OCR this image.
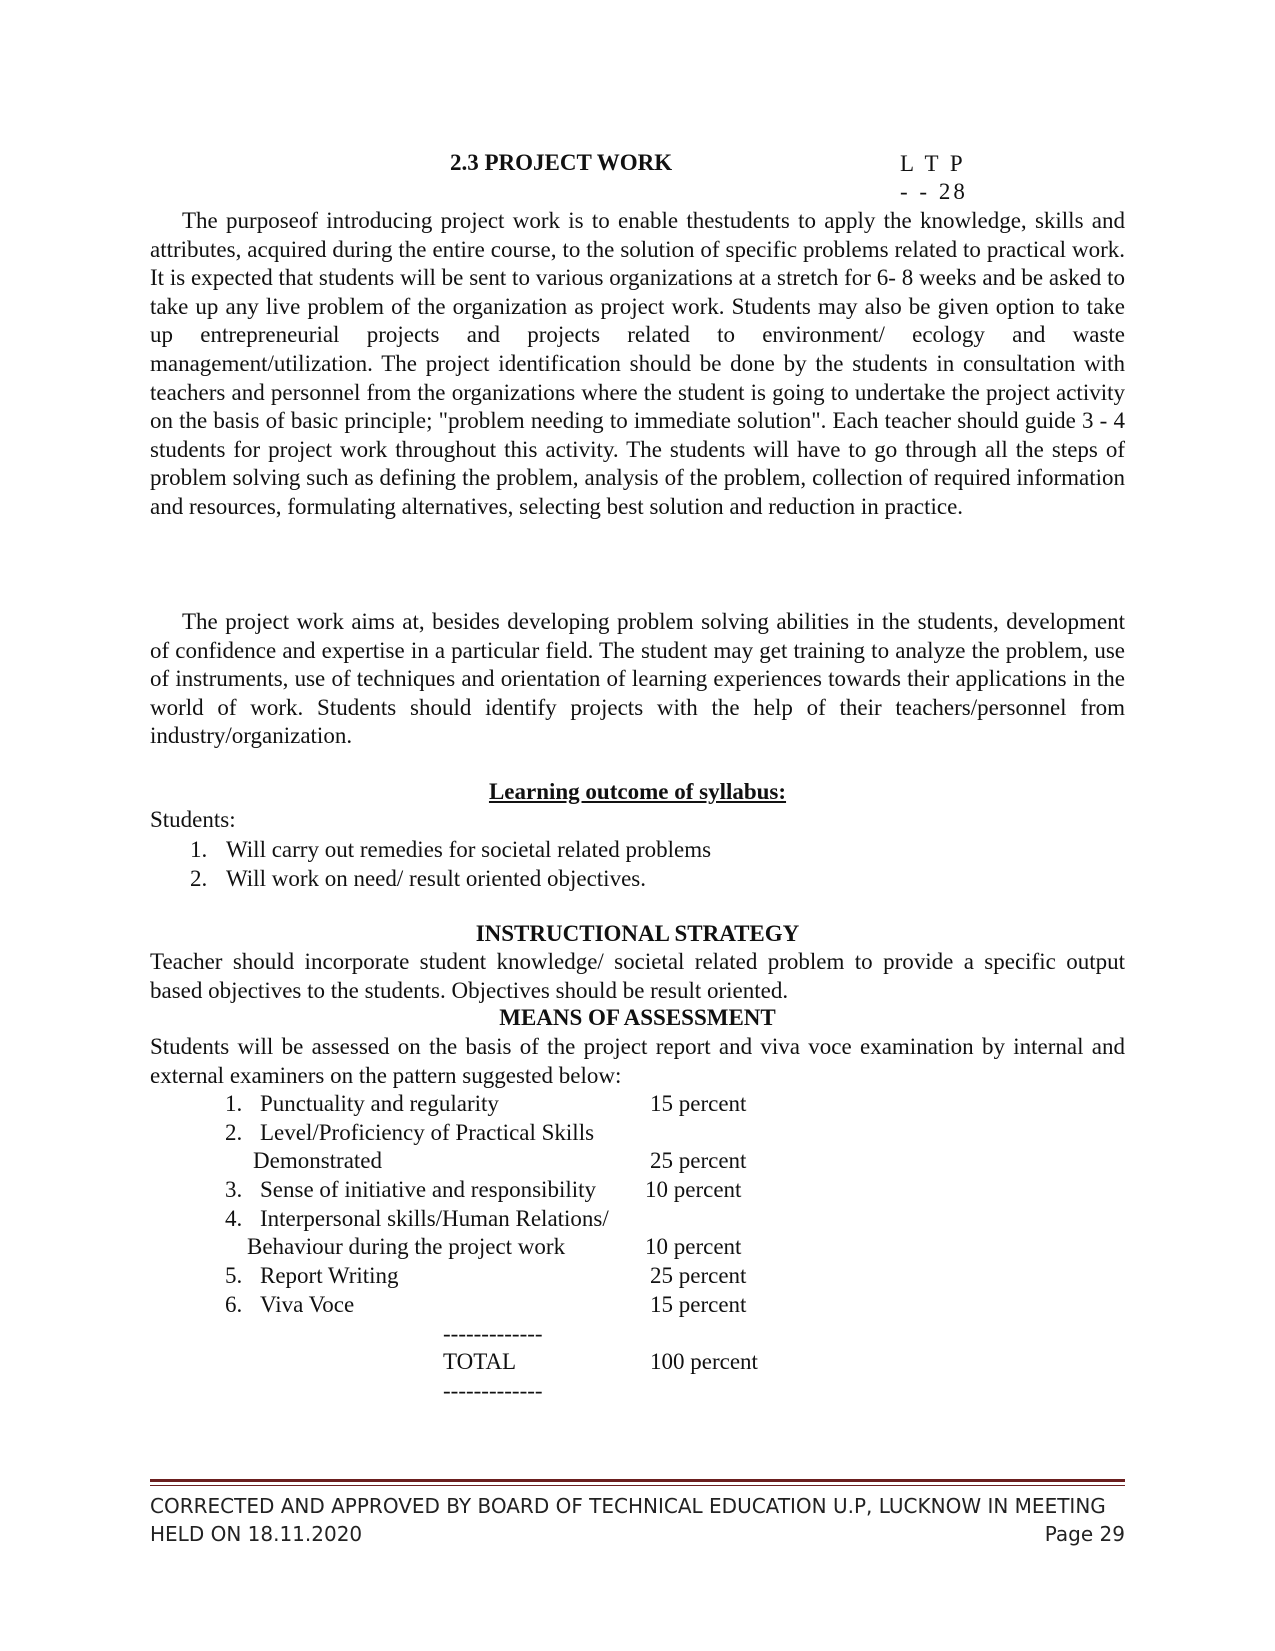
2.3 PROJECT WORK	L T P
- - 28

The purposeof introducing project work is to enable thestudents to apply the knowledge, skills and attributes, acquired during the entire course, to the solution of specific problems related to practical work. It is expected that students will be sent to various organizations at a stretch for 6- 8 weeks and be asked to take up any live problem of the organization as project work. Students may also be given option to take up entrepreneurial projects and projects related to environment/ ecology and waste management/utilization. The project identification should be done by the students in consultation with teachers and personnel from the organizations where the student is going to undertake the project activity on the basis of basic principle; "problem needing to immediate solution". Each teacher should guide 3 - 4 students for project work throughout this activity. The students will have to go through all the steps of problem solving such as defining the problem, analysis of the problem, collection of required information and resources, formulating alternatives, selecting best solution and reduction in practice.

The project work aims at, besides developing problem solving abilities in the students, development of confidence and expertise in a particular field. The student may get training to analyze the problem, use of instruments, use of techniques and orientation of learning experiences towards their applications in the world of work. Students should identify projects with the help of their teachers/personnel from industry/organization.

Learning outcome of syllabus:
Students:
1. Will carry out remedies for societal related problems
2. Will work on need/ result oriented objectives.
INSTRUCTIONAL STRATEGY

Teacher should incorporate student knowledge/ societal related problem to provide a specific output based objectives to the students. Objectives should be result oriented.

MEANS OF ASSESSMENT

Students will be assessed on the basis of the project report and viva voce examination by internal and external examiners on the pattern suggested below:

1. Punctuality and regularity	15 percent
2. Level/Proficiency of Practical Skills
Demonstrated	25 percent
3. Sense of initiative and responsibility 10 percent
4. Interpersonal skills/Human Relations/
Behaviour during the project work	10 percent
5. Report Writing	25 percent
6. Viva Voce	15 percent
-------------
TOTAL	100 percent
-------------
CORRECTED AND APPROVED BY BOARD OF TECHNICAL EDUCATION U.P, LUCKNOW IN MEETING
HELD ON 18.11.2020	Page 29
